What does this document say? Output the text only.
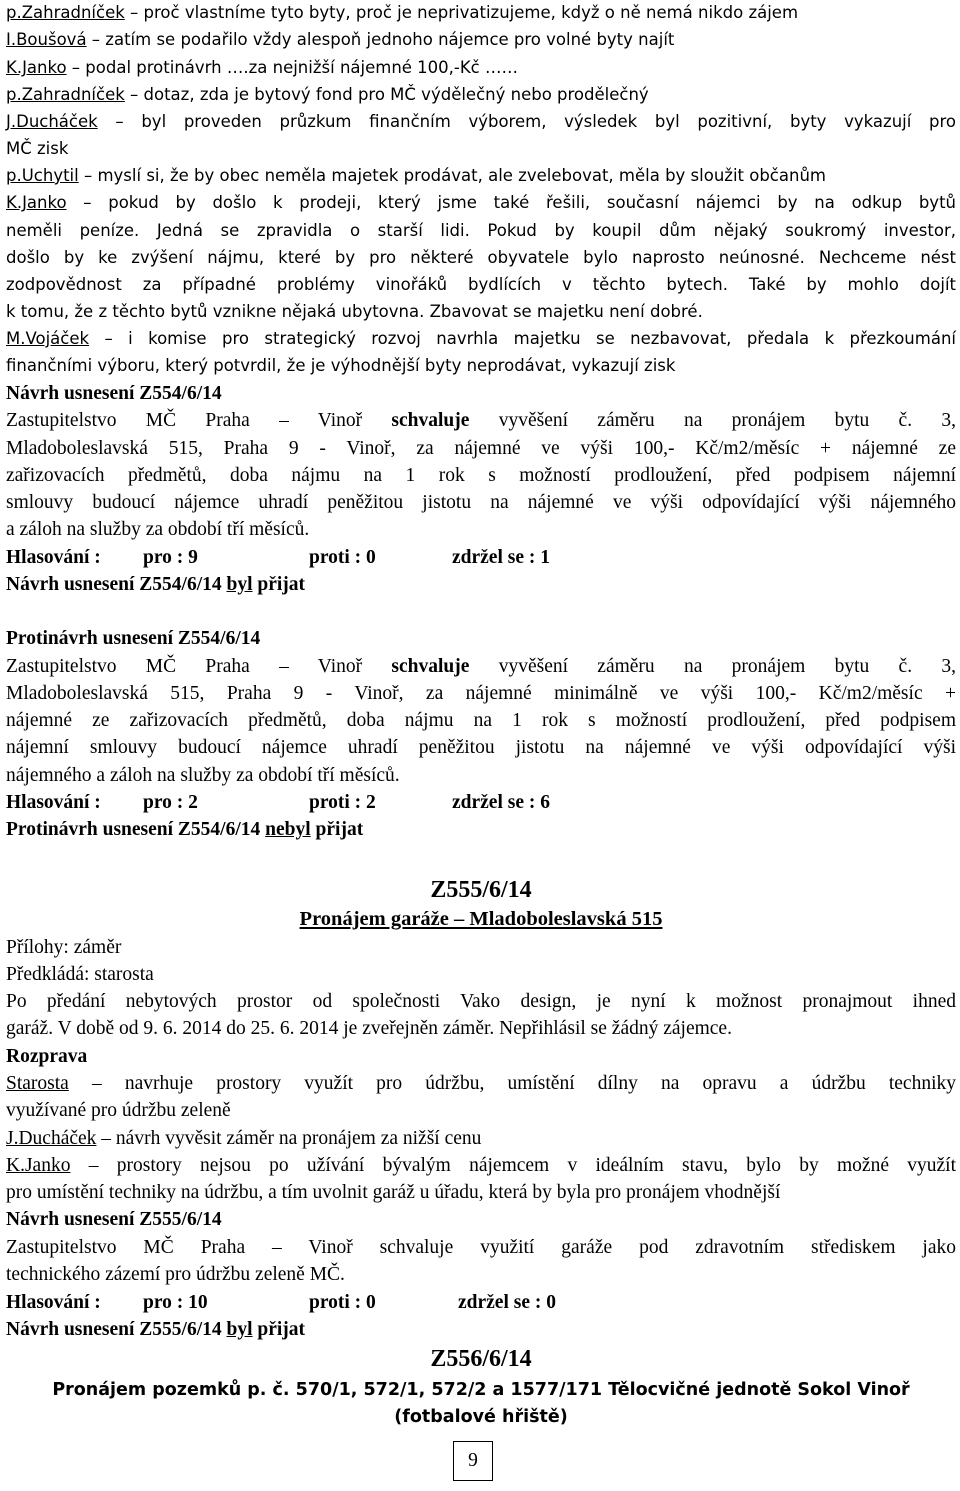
p.Zahradníček – proč vlastníme tyto byty, proč je neprivatizujeme, když o ně nemá nikdo zájem
I.Boušová – zatím se podařilo vždy alespoň jednoho nájemce pro volné byty najít
K.Janko – podal protinávrh ….za nejnižší nájemné 100,-Kč ……
p.Zahradníček – dotaz, zda je bytový fond pro MČ výdělečný nebo prodělečný
J.Ducháček – byl proveden průzkum finančním výborem, výsledek byl pozitivní, byty vykazují pro
MČ zisk
p.Uchytil – myslí si, že by obec neměla majetek prodávat, ale zvelebovat, měla by sloužit občanům
K.Janko – pokud by došlo k prodeji, který jsme také řešili, současní nájemci by na odkup bytů
neměli peníze. Jedná se zpravidla o starší lidi. Pokud by koupil dům nějaký soukromý investor,
došlo by ke zvýšení nájmu, které by pro některé obyvatele bylo naprosto neúnosné. Nechceme nést
zodpovědnost za případné problémy vinořáků bydlících v těchto bytech. Také by mohlo dojít
k tomu, že z těchto bytů vznikne nějaká ubytovna. Zbavovat se majetku není dobré.
M.Vojáček – i komise pro strategický rozvoj navrhla majetku se nezbavovat, předala k přezkoumání
finančními výboru, který potvrdil, že je výhodnější byty neprodávat, vykazují zisk
Návrh usnesení Z554/6/14
Zastupitelstvo MČ Praha – Vinoř schvaluje vyvěšení záměru na pronájem bytu č. 3,
Mladoboleslavská 515, Praha 9 - Vinoř, za nájemné ve výši 100,- Kč/m2/měsíc + nájemné ze
zařizovacích předmětů, doba nájmu na 1 rok s možností prodloužení, před podpisem nájemní
smlouvy budoucí nájemce uhradí peněžitou jistotu na nájemné ve výši odpovídající výši nájemného
a záloh na služby za období tří měsíců.
Hlasování : pro : 9	proti : 0	zdržel se : 1
Návrh usnesení Z554/6/14 byl přijat
Protinávrh usnesení Z554/6/14
Zastupitelstvo MČ Praha – Vinoř schvaluje vyvěšení záměru na pronájem bytu č. 3,
Mladoboleslavská 515, Praha 9 - Vinoř, za nájemné minimálně ve výši 100,- Kč/m2/měsíc +
nájemné ze zařizovacích předmětů, doba nájmu na 1 rok s možností prodloužení, před podpisem
nájemní smlouvy budoucí nájemce uhradí peněžitou jistotu na nájemné ve výši odpovídající výši
nájemného a záloh na služby za období tří měsíců.
Hlasování : pro : 2	proti : 2	zdržel se : 6
Protinávrh usnesení Z554/6/14 nebyl přijat
Z555/6/14
Pronájem garáže – Mladoboleslavská 515
Přílohy: záměr
Předkládá: starosta
Po předání nebytových prostor od společnosti Vako design, je nyní k možnost pronajmout ihned
garáž. V době od 9. 6. 2014 do 25. 6. 2014 je zveřejněn záměr. Nepřihlásil se žádný zájemce.
Rozprava
Starosta – navrhuje prostory využít pro údržbu, umístění dílny na opravu a údržbu techniky
využívané pro údržbu zeleně
J.Ducháček – návrh vyvěsit záměr na pronájem za nižší cenu
K.Janko – prostory nejsou po užívání bývalým nájemcem v ideálním stavu, bylo by možné využít
pro umístění techniky na údržbu, a tím uvolnit garáž u úřadu, která by byla pro pronájem vhodnější
Návrh usnesení Z555/6/14
Zastupitelstvo MČ Praha – Vinoř schvaluje využití garáže pod zdravotním střediskem jako
technického zázemí pro údržbu zeleně MČ.
Hlasování : pro : 10	proti : 0	zdržel se : 0
Návrh usnesení Z555/6/14 byl přijat
Z556/6/14
Pronájem pozemků p. č. 570/1, 572/1, 572/2 a 1577/171 Tělocvičné jednotě Sokol Vinoř
(fotbalové hřiště)
9
